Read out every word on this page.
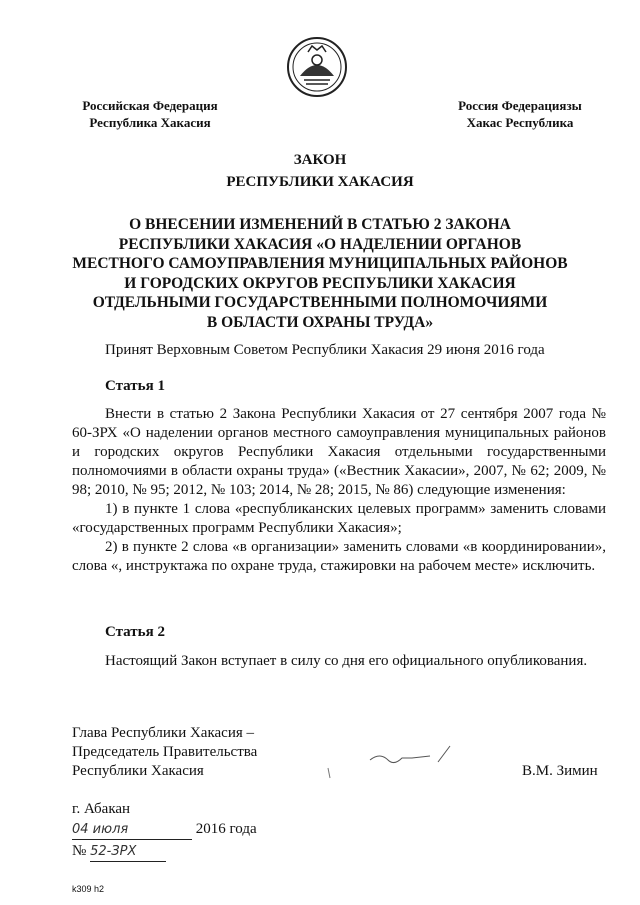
Российская Федерация
Республика Хакасия
Россия Федерациязы
Хакас Республика
ЗАКОН
РЕСПУБЛИКИ ХАКАСИЯ
О ВНЕСЕНИИ ИЗМЕНЕНИЙ В СТАТЬЮ 2 ЗАКОНА
РЕСПУБЛИКИ ХАКАСИЯ «О НАДЕЛЕНИИ ОРГАНОВ
МЕСТНОГО САМОУПРАВЛЕНИЯ МУНИЦИПАЛЬНЫХ РАЙОНОВ
И ГОРОДСКИХ ОКРУГОВ РЕСПУБЛИКИ ХАКАСИЯ
ОТДЕЛЬНЫМИ ГОСУДАРСТВЕННЫМИ ПОЛНОМОЧИЯМИ
В ОБЛАСТИ ОХРАНЫ ТРУДА»
Принят Верховным Советом Республики Хакасия 29 июня 2016 года
Статья 1

Внести в статью 2 Закона Республики Хакасия от 27 сентября 2007 года № 60-ЗРХ «О наделении органов местного самоуправления муниципальных районов и городских округов Республики Хакасия отдельными государственными полномочиями в области охраны труда» («Вестник Хакасии», 2007, № 62; 2009, № 98; 2010, № 95; 2012, № 103; 2014, № 28; 2015, № 86) следующие изменения:

1) в пункте 1 слова «республиканских целевых программ» заменить словами «государственных программ Республики Хакасия»;

2) в пункте 2 слова «в организации» заменить словами «в координировании», слова «, инструктажа по охране труда, стажировки на рабочем месте» исключить.

Статья 2

Настоящий Закон вступает в силу со дня его официального опубликования.

Глава Республики Хакасия –
Председатель Правительства
Республики Хакасия	В.М. Зимин
г. Абакан
04 июля	2016 года
№ 52-ЗРХ
k309 h2
